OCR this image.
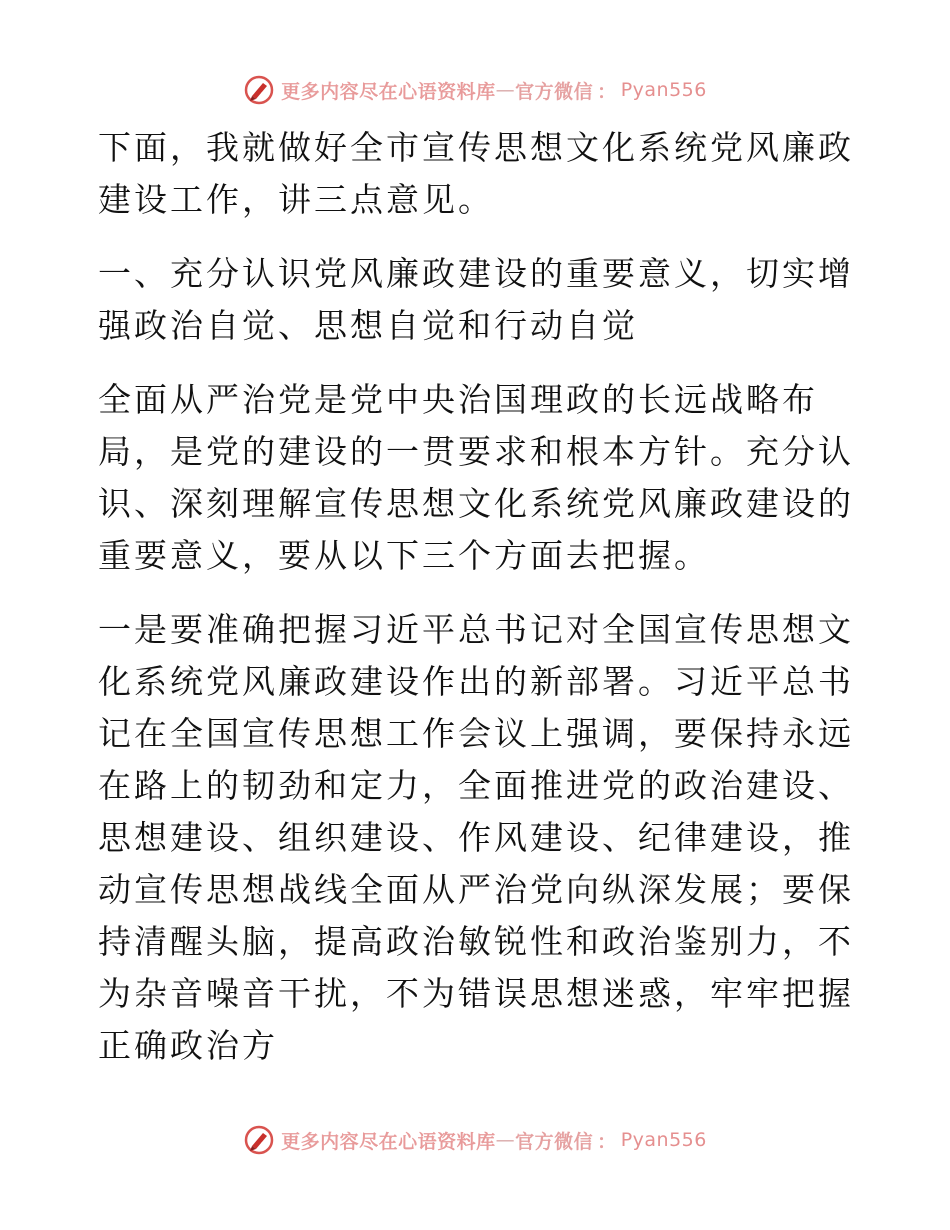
更多内容尽在心语资料库 — 官方微信 ： Pyan556

下面，我就做好全市宣传思想文化系统党风廉政建设工作，讲三点意见。

一、充分认识党风廉政建设的重要意义，切实增强政治自觉、思想自觉和行动自觉

全面从严治党是党中央治国理政的长远战略布局，是党的建设的一贯要求和根本方针。充分认识、深刻理解宣传思想文化系统党风廉政建设的重要意义，要从以下三个方面去把握。

一是要准确把握习近平总书记对全国宣传思想文化系统党风廉政建设作出的新部署。习近平总书记在全国宣传思想工作会议上强调，要保持永远在路上的韧劲和定力，全面推进党的政治建设、思想建设、组织建设、作风建设、纪律建设，推动宣传思想战线全面从严治党向纵深发展；要保持清醒头脑，提高政治敏锐性和政治鉴别力，不为杂音噪音干扰，不为错误思想迷惑，牢牢把握正确政治方

更多内容尽在心语资料库 — 官方微信 ： Pyan556
